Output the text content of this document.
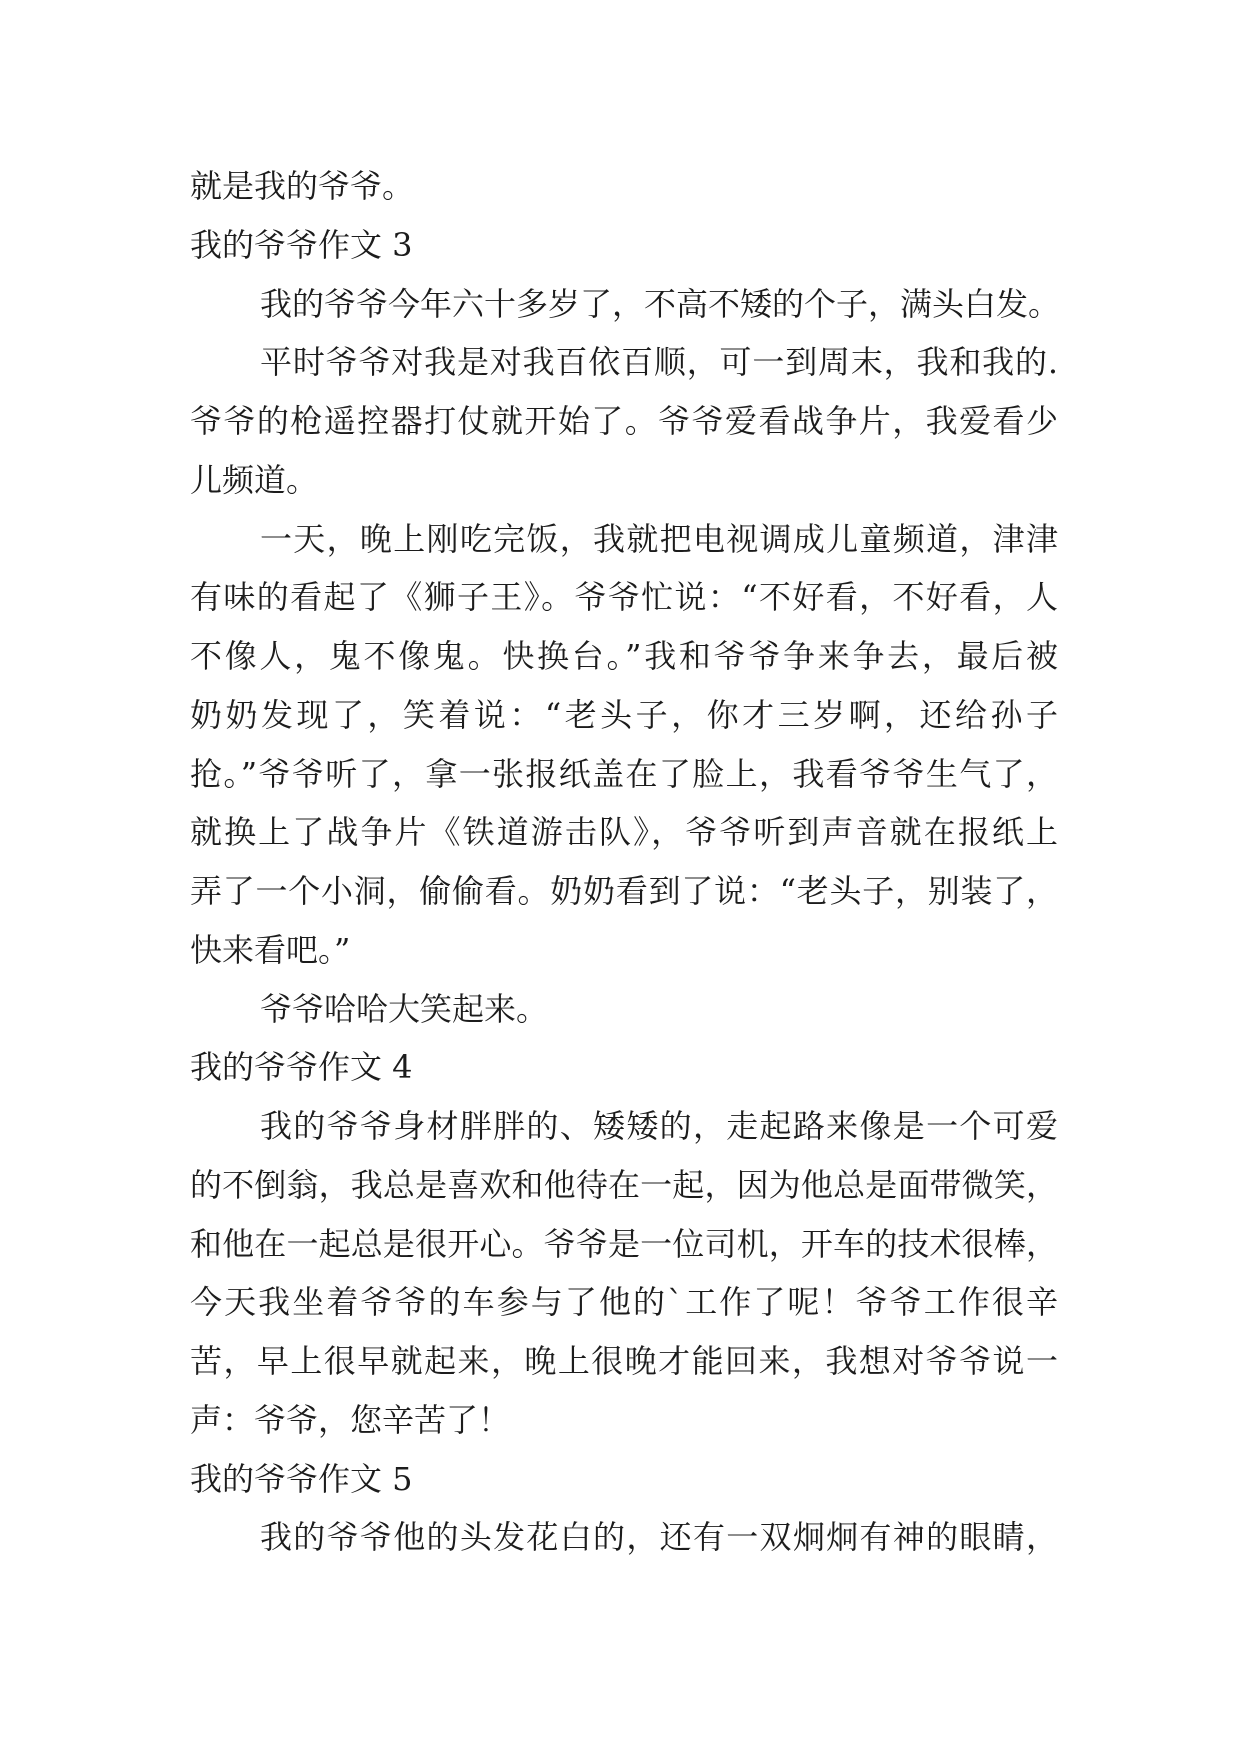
就是我的爷爷。
我的爷爷作文 3
我的爷爷今年六十多岁了，不高不矮的个子，满头白发。
平时爷爷对我是对我百依百顺，可一到周末，我和我的.
爷爷的枪遥控器打仗就开始了。爷爷爱看战争片，我爱看少
儿频道。
一天，晚上刚吃完饭，我就把电视调成儿童频道，津津
有味的看起了《狮子王》。爷爷忙说：“不好看，不好看，人
不像人，鬼不像鬼。快换台。”我和爷爷争来争去，最后被
奶奶发现了，笑着说：“老头子，你才三岁啊，还给孙子
抢。”爷爷听了，拿一张报纸盖在了脸上，我看爷爷生气了，
就换上了战争片《铁道游击队》，爷爷听到声音就在报纸上
弄了一个小洞，偷偷看。奶奶看到了说：“老头子，别装了，
快来看吧。”
爷爷哈哈大笑起来。
我的爷爷作文 4
我的爷爷身材胖胖的、矮矮的，走起路来像是一个可爱
的不倒翁，我总是喜欢和他待在一起，因为他总是面带微笑，
和他在一起总是很开心。爷爷是一位司机，开车的技术很棒，
今天我坐着爷爷的车参与了他的`工作了呢！爷爷工作很辛
苦，早上很早就起来，晚上很晚才能回来，我想对爷爷说一
声：爷爷，您辛苦了！
我的爷爷作文 5
我的爷爷他的头发花白的，还有一双炯炯有神的眼睛，
